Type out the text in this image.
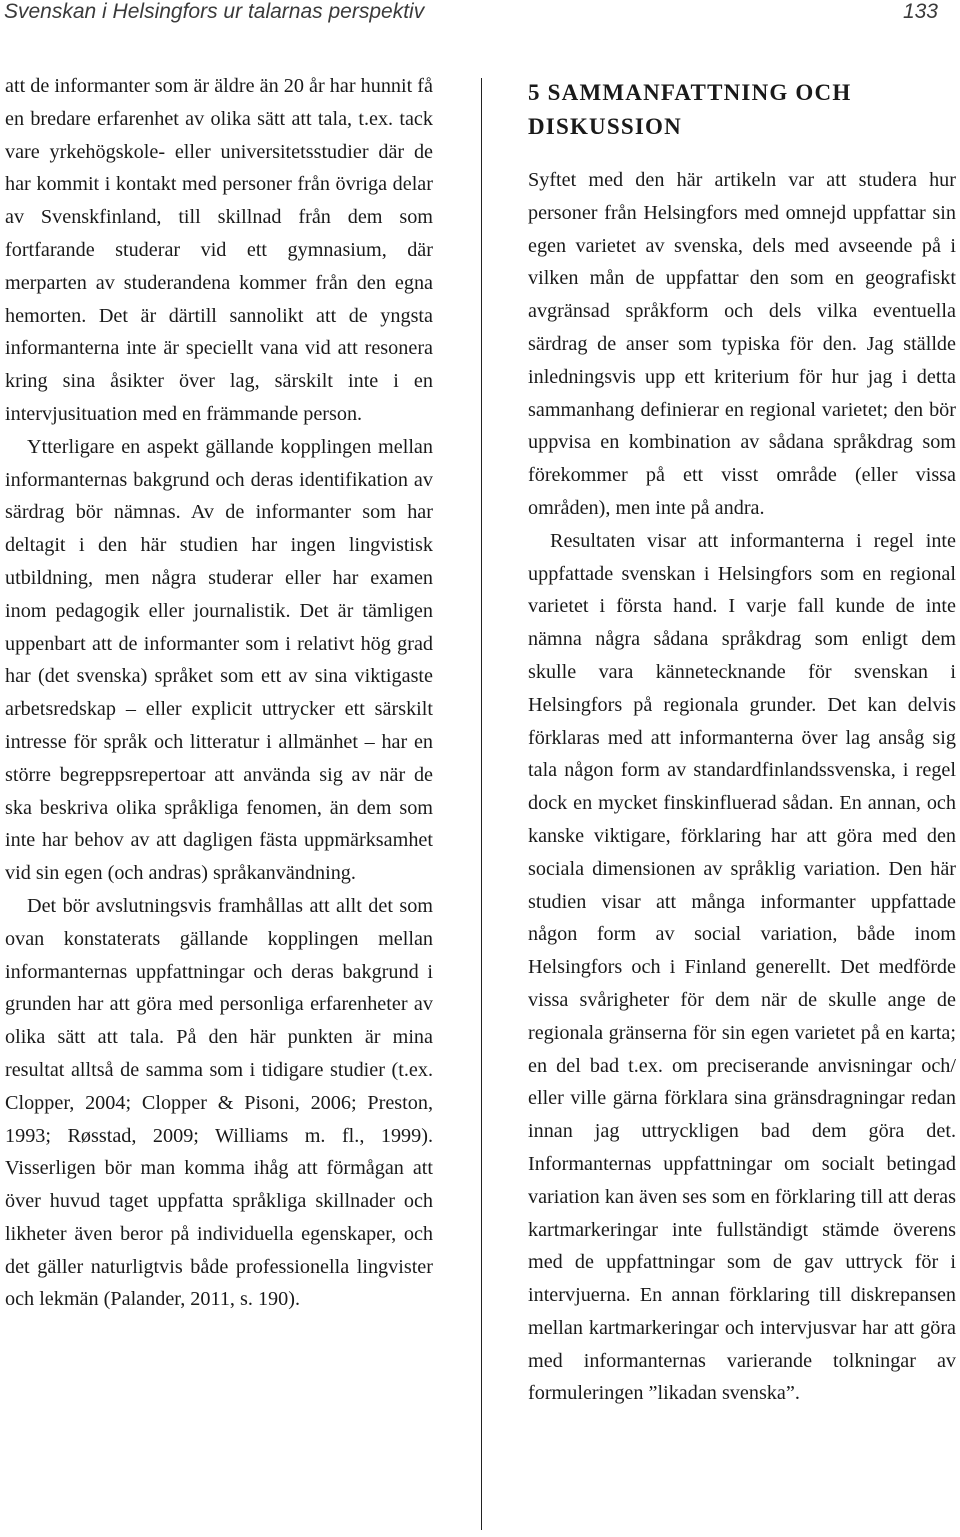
Svenskan i Helsingfors ur talarnas perspektiv	133

att de informanter som är äldre än 20 år har hunnit få en bredare erfarenhet av olika sätt att tala, t.ex. tack vare yrkehögskole- eller universitetsstudier där de har kommit i kontakt med personer från övriga delar av Svenskfinland, till skillnad från dem som fortfarande studerar vid ett gymnasium, där merparten av studerandena kommer från den egna hemorten. Det är därtill sannolikt att de yngsta informanterna inte är speciellt vana vid att resonera kring sina åsikter över lag, särskilt inte i en intervjusituation med en främmande person.

Ytterligare en aspekt gällande kopplingen mellan informanternas bakgrund och deras identifikation av särdrag bör nämnas. Av de informanter som har deltagit i den här studien har ingen lingvistisk utbildning, men några studerar eller har examen inom pedagogik eller journalistik. Det är tämligen uppenbart att de informanter som i relativt hög grad har (det svenska) språket som ett av sina viktigaste arbetsredskap – eller explicit uttrycker ett särskilt intresse för språk och litteratur i allmänhet – har en större begreppsrepertoar att använda sig av när de ska beskriva olika språkliga fenomen, än dem som inte har behov av att dagligen fästa uppmärksamhet vid sin egen (och andras) språkanvändning.

Det bör avslutningsvis framhållas att allt det som ovan konstaterats gällande kopplingen mellan informanternas uppfattningar och deras bakgrund i grunden har att göra med personliga erfarenheter av olika sätt att tala. På den här punkten är mina resultat alltså de samma som i tidigare studier (t.ex. Clopper, 2004; Clopper & Pisoni, 2006; Preston, 1993; Røsstad, 2009; Williams m. fl., 1999). Visserligen bör man komma ihåg att förmågan att över huvud taget uppfatta språkliga skillnader och likheter även beror på individuella egenskaper, och det gäller naturligtvis både professionella lingvister och lekmän (Palander, 2011, s. 190).

5 SAMMANFATTNING OCH DISKUSSION

Syftet med den här artikeln var att studera hur personer från Helsingfors med omnejd uppfattar sin egen varietet av svenska, dels med avseende på i vilken mån de uppfattar den som en geografiskt avgränsad språkform och dels vilka eventuella särdrag de anser som typiska för den. Jag ställde inledningsvis upp ett kriterium för hur jag i detta sammanhang definierar en regional varietet; den bör uppvisa en kombination av sådana språkdrag som förekommer på ett visst område (eller vissa områden), men inte på andra.

Resultaten visar att informanterna i regel inte uppfattade svenskan i Helsingfors som en regional varietet i första hand. I varje fall kunde de inte nämna några sådana språkdrag som enligt dem skulle vara kännetecknande för svenskan i Helsingfors på regionala grunder. Det kan delvis förklaras med att informanterna över lag ansåg sig tala någon form av standardfinlandssvenska, i regel dock en mycket finskinfluerad sådan. En annan, och kanske viktigare, förklaring har att göra med den sociala dimensionen av språklig variation. Den här studien visar att många informanter uppfattade någon form av social variation, både inom Helsingfors och i Finland generellt. Det medförde vissa svårigheter för dem när de skulle ange de regionala gränserna för sin egen varietet på en karta; en del bad t.ex. om preciserande anvisningar och/ eller ville gärna förklara sina gränsdragningar redan innan jag uttryckligen bad dem göra det. Informanternas uppfattningar om socialt betingad variation kan även ses som en förklaring till att deras kartmarkeringar inte fullständigt stämde överens med de uppfattningar som de gav uttryck för i intervjuerna. En annan förklaring till diskrepansen mellan kartmarkeringar och intervjusvar har att göra med informanternas varierande tolkningar av formuleringen ”likadan svenska”.
